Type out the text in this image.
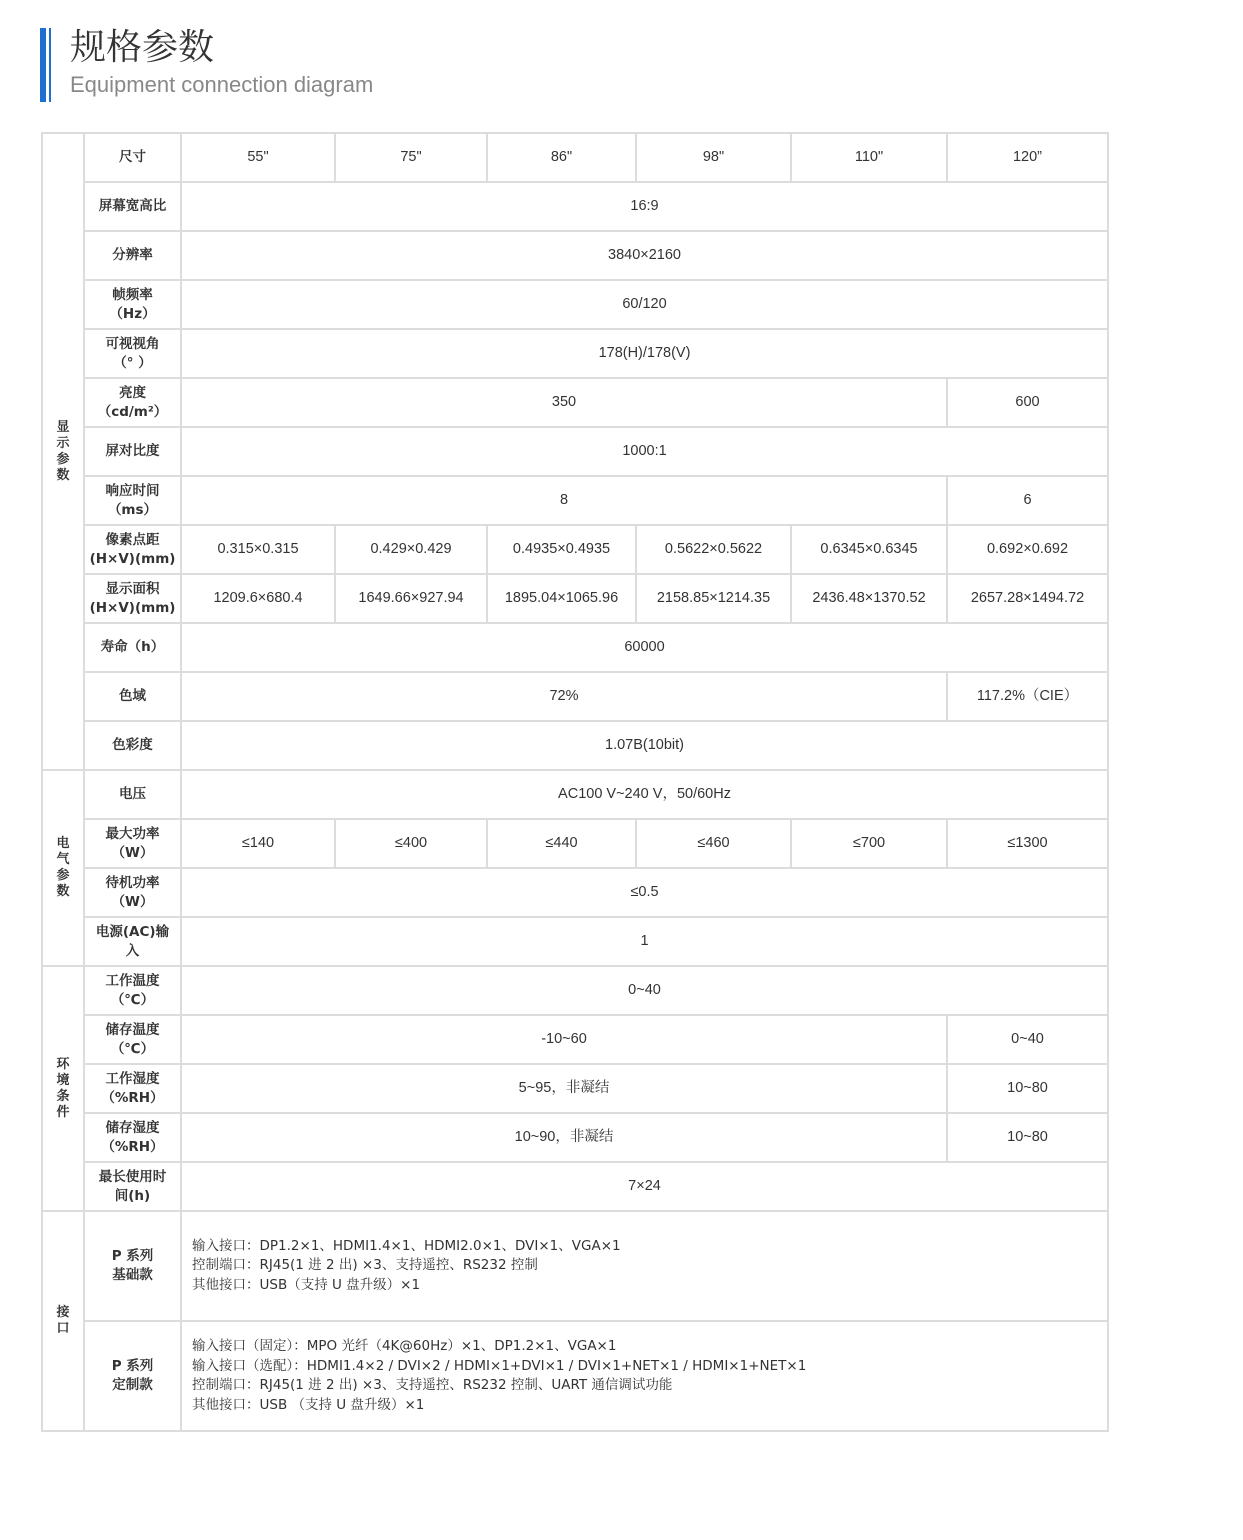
规格参数
Equipment connection diagram
显示参数	尺寸	55"	75"	86"	98"	110"	120”
	屏幕宽高比	16:9					
	分辨率	3840×2160					

	帧频率
（Hz）	60/120					

	可视视角
（° ）	178(H)/178(V)					

	亮度
（cd/m²）	350					600
	屏对比度	1000:1					

	响应时间
（ms）	8					6

	像素点距
(H×V)(mm)	0.315×0.315	0.429×0.429	0.4935×0.4935	0.5622×0.5622	0.6345×0.6345	0.692×0.692

	显示面积
(H×V)(mm)	1209.6×680.4	1649.66×927.94	1895.04×1065.96	2158.85×1214.35	2436.48×1370.52	2657.28×1494.72
	寿命（h）	60000					
	色域	72%					117.2%（CIE）
	色彩度	1.07B(10bit)					
电气参数	电压	AC100 V~240 V，50/60Hz					

	最大功率
（W）	≤140	≤400	≤440	≤460	≤700	≤1300

	待机功率
（W）	≤0.5					

	电源(AC)输
入	1					
环境条件	工作温度
（℃）	0~40					

	储存温度
（℃）	-10~60					0~40

	工作湿度
（%RH）	5~95，非凝结					10~80

	储存湿度
（%RH）	10~90，非凝结					10~80

	最长使用时
间(h)	7×24					
接口	P 系列
基础款	输入接口：DP1.2×1、HDMI1.4×1、HDMI2.0×1、DVI×1、VGA×1
控制端口：RJ45(1 进 2 出) ×3、支持遥控、RS232 控制
其他接口：USB（支持 U 盘升级）×1					

	P 系列
定制款	输入接口（固定）：MPO 光纤（4K@60Hz）×1、DP1.2×1、VGA×1
输入接口（选配）：HDMI1.4×2 / DVI×2 / HDMI×1+DVI×1 / DVI×1+NET×1 / HDMI×1+NET×1
控制端口：RJ45(1 进 2 出) ×3、支持遥控、RS232 控制、UART 通信调试功能
其他接口：USB （支持 U 盘升级）×1					
